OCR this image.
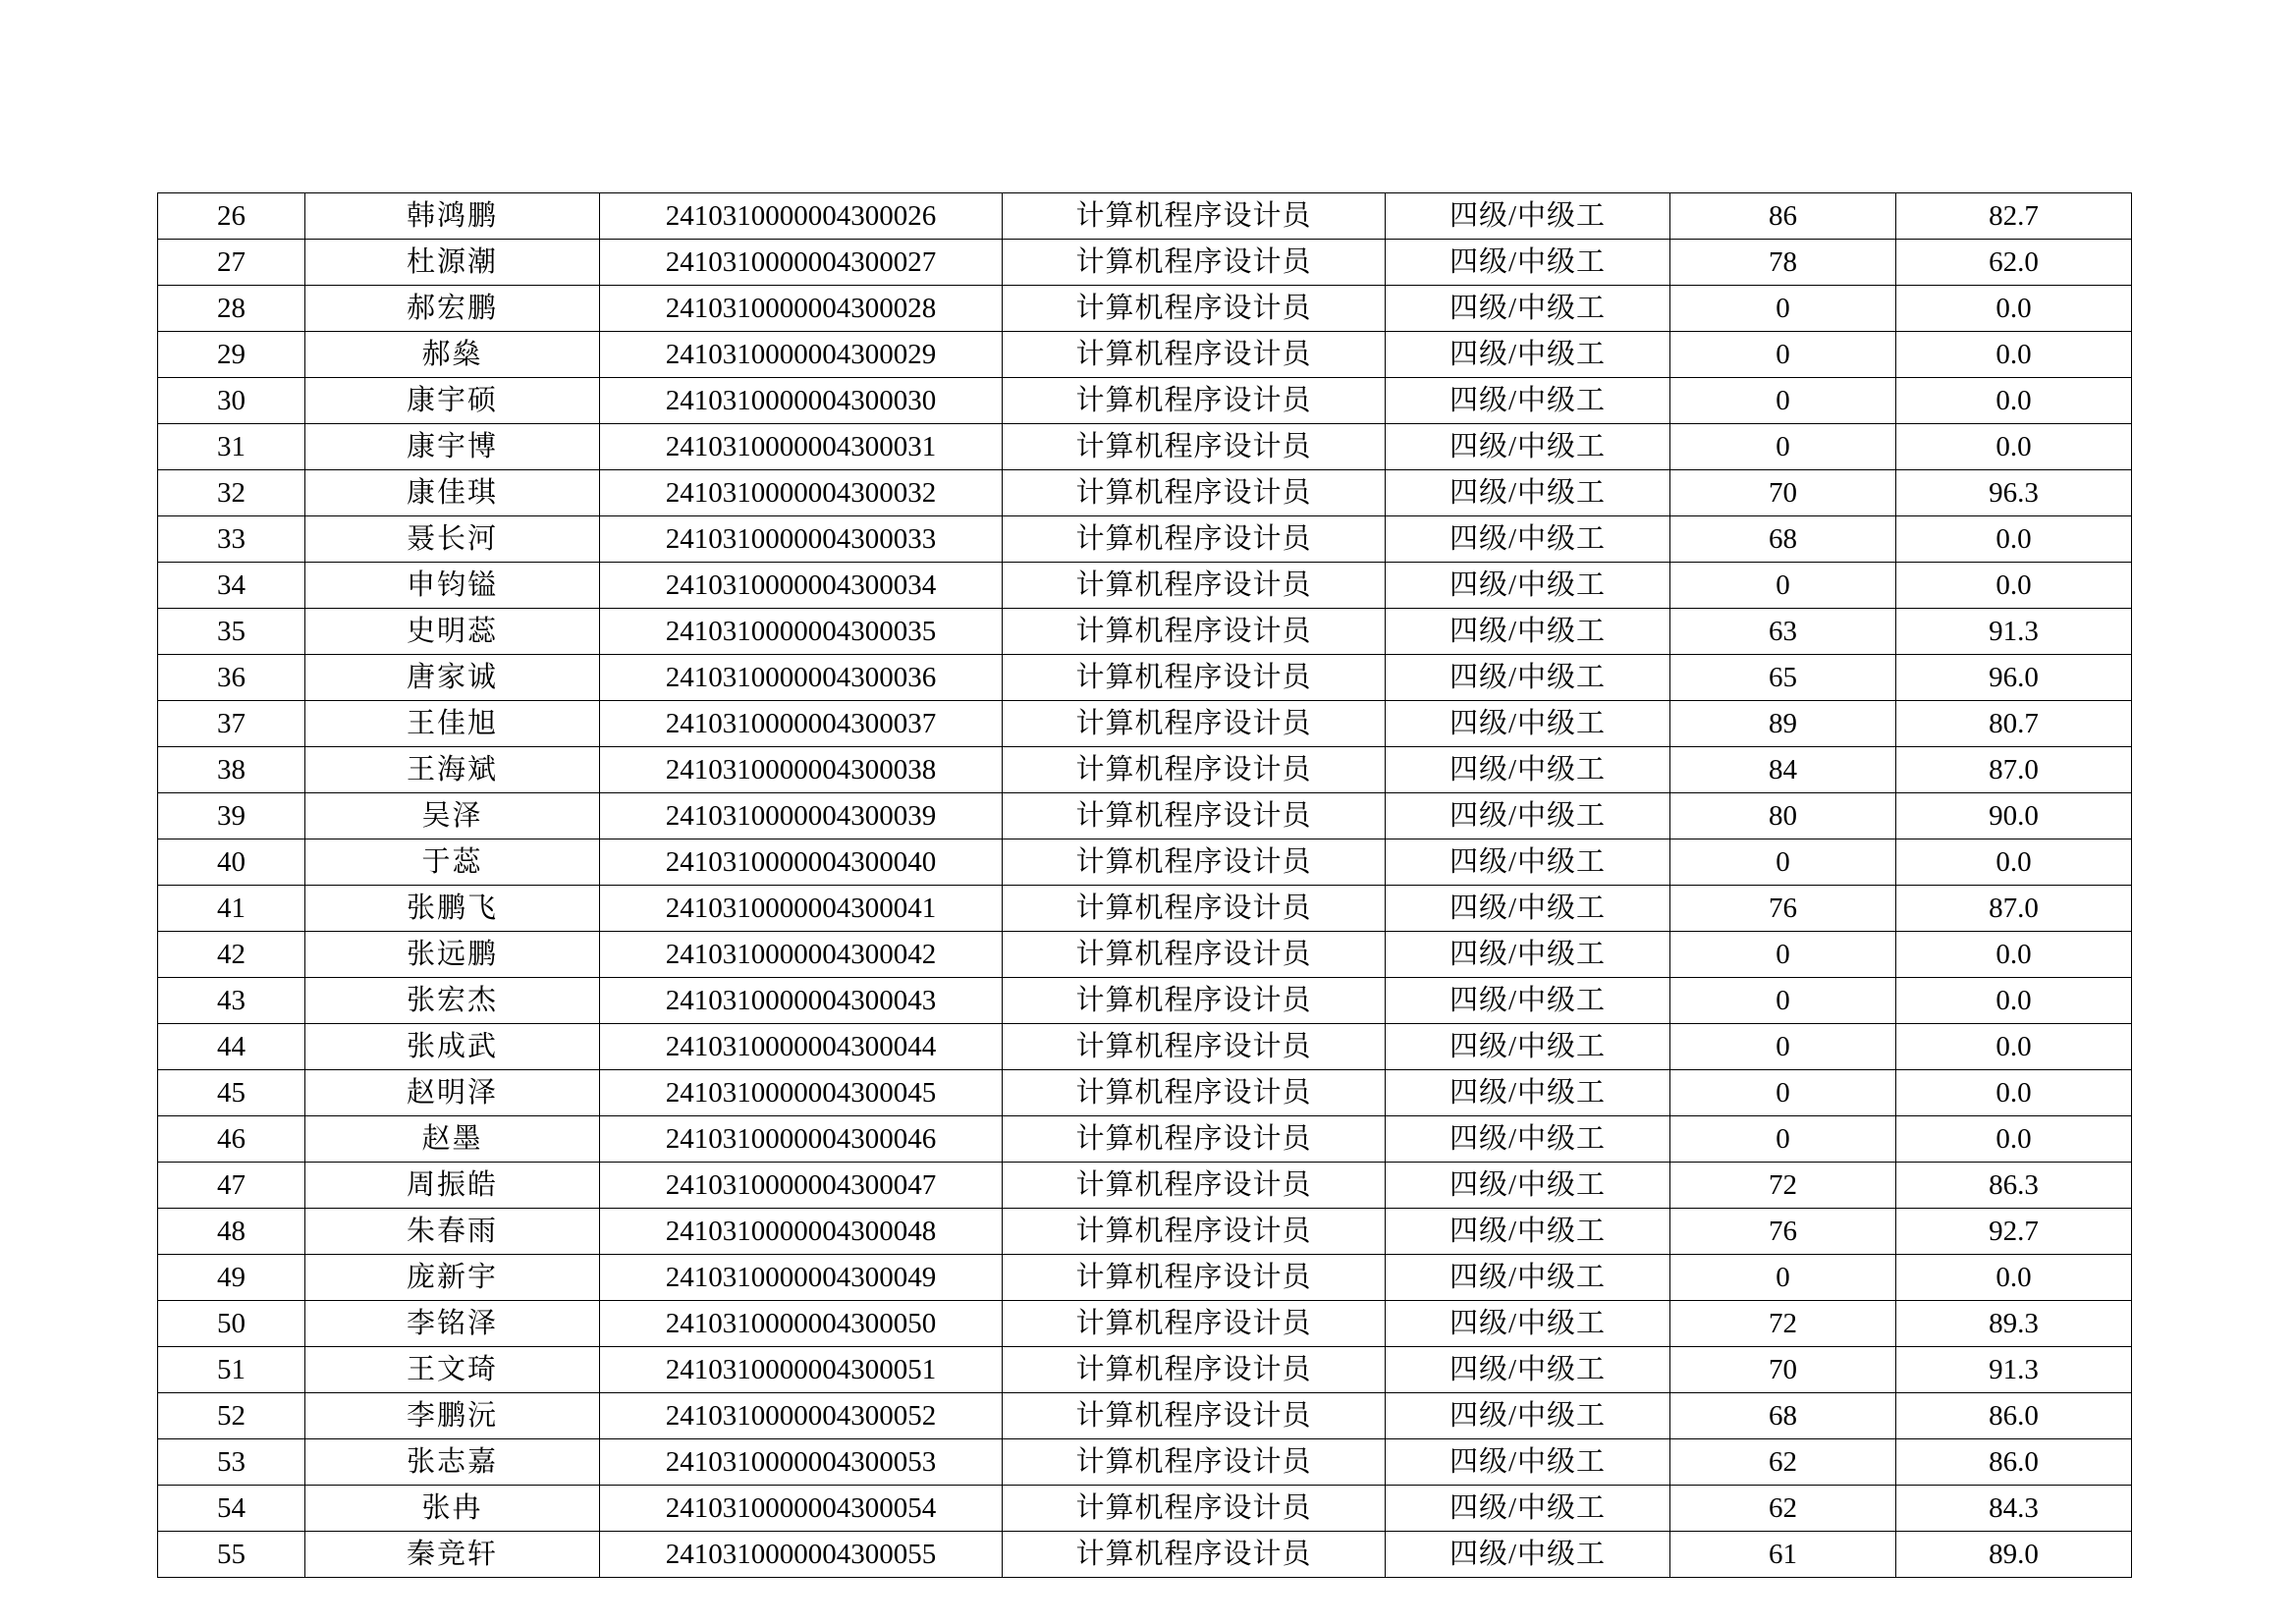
26	韩鸿鹏	2410310000004300026	计算机程序设计员	四级/中级工	86	82.7
27	杜源潮	2410310000004300027	计算机程序设计员	四级/中级工	78	62.0
28	郝宏鹏	2410310000004300028	计算机程序设计员	四级/中级工	0	0.0
29	郝燊	2410310000004300029	计算机程序设计员	四级/中级工	0	0.0
30	康宇硕	2410310000004300030	计算机程序设计员	四级/中级工	0	0.0
31	康宇博	2410310000004300031	计算机程序设计员	四级/中级工	0	0.0
32	康佳琪	2410310000004300032	计算机程序设计员	四级/中级工	70	96.3
33	聂长河	2410310000004300033	计算机程序设计员	四级/中级工	68	0.0
34	申钧镒	2410310000004300034	计算机程序设计员	四级/中级工	0	0.0
35	史明蕊	2410310000004300035	计算机程序设计员	四级/中级工	63	91.3
36	唐家诚	2410310000004300036	计算机程序设计员	四级/中级工	65	96.0
37	王佳旭	2410310000004300037	计算机程序设计员	四级/中级工	89	80.7
38	王海斌	2410310000004300038	计算机程序设计员	四级/中级工	84	87.0
39	吴泽	2410310000004300039	计算机程序设计员	四级/中级工	80	90.0
40	于蕊	2410310000004300040	计算机程序设计员	四级/中级工	0	0.0
41	张鹏飞	2410310000004300041	计算机程序设计员	四级/中级工	76	87.0
42	张远鹏	2410310000004300042	计算机程序设计员	四级/中级工	0	0.0
43	张宏杰	2410310000004300043	计算机程序设计员	四级/中级工	0	0.0
44	张成武	2410310000004300044	计算机程序设计员	四级/中级工	0	0.0
45	赵明泽	2410310000004300045	计算机程序设计员	四级/中级工	0	0.0
46	赵墨	2410310000004300046	计算机程序设计员	四级/中级工	0	0.0
47	周振皓	2410310000004300047	计算机程序设计员	四级/中级工	72	86.3
48	朱春雨	2410310000004300048	计算机程序设计员	四级/中级工	76	92.7
49	庞新宇	2410310000004300049	计算机程序设计员	四级/中级工	0	0.0
50	李铭泽	2410310000004300050	计算机程序设计员	四级/中级工	72	89.3
51	王文琦	2410310000004300051	计算机程序设计员	四级/中级工	70	91.3
52	李鹏沅	2410310000004300052	计算机程序设计员	四级/中级工	68	86.0
53	张志嘉	2410310000004300053	计算机程序设计员	四级/中级工	62	86.0
54	张冉	2410310000004300054	计算机程序设计员	四级/中级工	62	84.3
55	秦竞轩	2410310000004300055	计算机程序设计员	四级/中级工	61	89.0
